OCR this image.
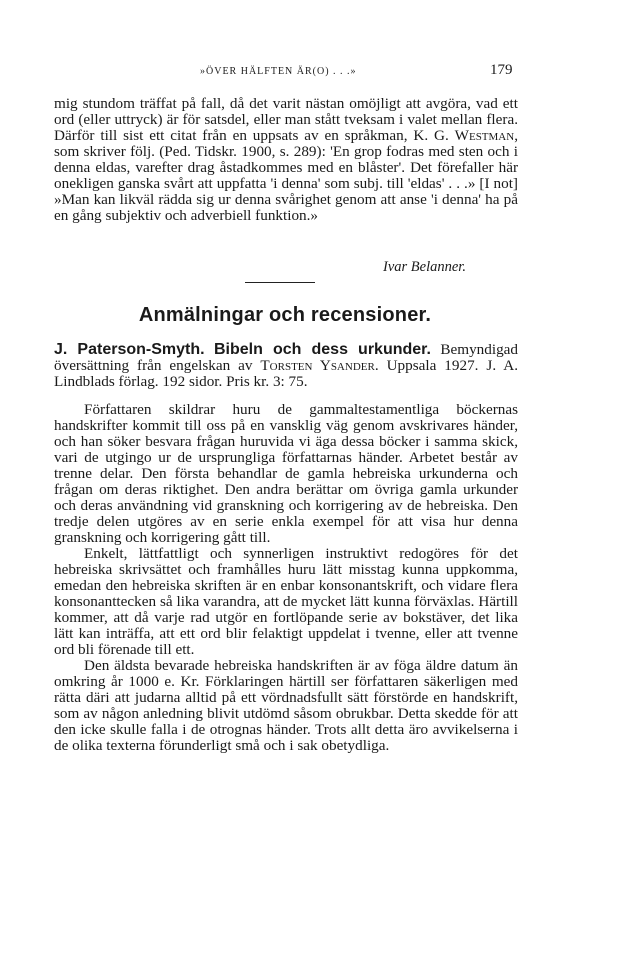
»ÖVER HÄLFTEN ÄR(O) . . .»	179

mig stundom träffat på fall, då det varit nästan omöjligt att avgöra, vad ett ord (eller uttryck) är för satsdel, eller man stått tveksam i valet mellan flera. Därför till sist ett citat från en uppsats av en språkman, K. G. Westman, som skriver följ. (Ped. Tidskr. 1900, s. 289): 'En grop fodras med sten och i denna eldas, varefter drag åstadkommes med en blåster'. Det förefaller här onekligen ganska svårt att uppfatta 'i denna' som subj. till 'eldas' . . .» [I not] »Man kan likväl rädda sig ur denna svårighet genom att anse 'i denna' ha på en gång subjektiv och adverbiell funktion.»

Ivar Belanner.
Anmälningar och recensioner.

J. Paterson-Smyth. Bibeln och dess urkunder. Bemyndigad översättning från engelskan av Torsten Ysander. Uppsala 1927. J. A. Lindblads förlag. 192 sidor. Pris kr. 3: 75.

Författaren skildrar huru de gammaltestamentliga böckernas handskrifter kommit till oss på en vansklig väg genom avskrivares händer, och han söker besvara frågan huruvida vi äga dessa böcker i samma skick, vari de utgingo ur de ursprungliga författarnas händer. Arbetet består av trenne delar. Den första behandlar de gamla hebreiska urkunderna och frågan om deras riktighet. Den andra berättar om övriga gamla urkunder och deras användning vid granskning och korrigering av de hebreiska. Den tredje delen utgöres av en serie enkla exempel för att visa hur denna granskning och korrigering gått till.

Enkelt, lättfattligt och synnerligen instruktivt redogöres för det hebreiska skrivsättet och framhålles huru lätt misstag kunna uppkomma, emedan den hebreiska skriften är en enbar konsonantskrift, och vidare flera konsonanttecken så lika varandra, att de mycket lätt kunna förväxlas. Härtill kommer, att då varje rad utgör en fortlöpande serie av bokstäver, det lika lätt kan inträffa, att ett ord blir felaktigt uppdelat i tvenne, eller att tvenne ord bli förenade till ett.

Den äldsta bevarade hebreiska handskriften är av föga äldre datum än omkring år 1000 e. Kr. Förklaringen härtill ser författaren säkerligen med rätta däri att judarna alltid på ett vördnadsfullt sätt förstörde en handskrift, som av någon anledning blivit utdömd såsom obrukbar. Detta skedde för att den icke skulle falla i de otrognas händer. Trots allt detta äro avvikelserna i de olika texterna förunderligt små och i sak obetydliga.
